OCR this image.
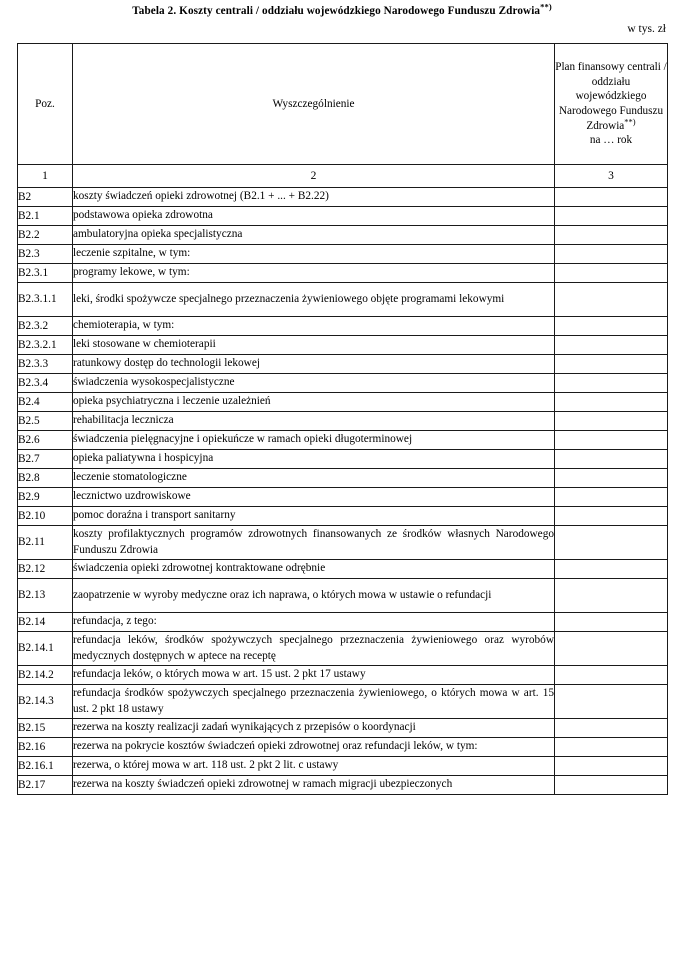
Tabela 2. Koszty centrali / oddziału wojewódzkiego Narodowego Funduszu Zdrowia**)
w tys. zł
Poz.	Wyszczególnienie	Plan finansowy centrali / oddziału wojewódzkiego Narodowego Funduszu Zdrowia**)
na … rok
1	2	3
B2	koszty świadczeń opieki zdrowotnej (B2.1 + ... + B2.22)	
B2.1	podstawowa opieka zdrowotna	
B2.2	ambulatoryjna opieka specjalistyczna	
B2.3	leczenie szpitalne, w tym:	
B2.3.1	programy lekowe, w tym:	
B2.3.1.1	leki, środki spożywcze specjalnego przeznaczenia żywieniowego objęte programami lekowymi	
B2.3.2	chemioterapia, w tym:	
B2.3.2.1	leki stosowane w chemioterapii	
B2.3.3	ratunkowy dostęp do technologii lekowej	
B2.3.4	świadczenia wysokospecjalistyczne	
B2.4	opieka psychiatryczna i leczenie uzależnień	
B2.5	rehabilitacja lecznicza	
B2.6	świadczenia pielęgnacyjne i opiekuńcze w ramach opieki długoterminowej	
B2.7	opieka paliatywna i hospicyjna	
B2.8	leczenie stomatologiczne	
B2.9	lecznictwo uzdrowiskowe	
B2.10	pomoc doraźna i transport sanitarny	
B2.11	koszty profilaktycznych programów zdrowotnych finansowanych ze środków własnych Narodowego Funduszu Zdrowia	
B2.12	świadczenia opieki zdrowotnej kontraktowane odrębnie	
B2.13	zaopatrzenie w wyroby medyczne oraz ich naprawa, o których mowa w ustawie o refundacji	
B2.14	refundacja, z tego:	
B2.14.1	refundacja leków, środków spożywczych specjalnego przeznaczenia żywieniowego oraz wyrobów medycznych dostępnych w aptece na receptę	
B2.14.2	refundacja leków, o których mowa w art. 15 ust. 2 pkt 17 ustawy	
B2.14.3	refundacja środków spożywczych specjalnego przeznaczenia żywieniowego, o których mowa w art. 15 ust. 2 pkt 18 ustawy	
B2.15	rezerwa na koszty realizacji zadań wynikających z przepisów o koordynacji	
B2.16	rezerwa na pokrycie kosztów świadczeń opieki zdrowotnej oraz refundacji leków, w tym:	
B2.16.1	rezerwa, o której mowa w art. 118 ust. 2 pkt 2 lit. c ustawy	
B2.17	rezerwa na koszty świadczeń opieki zdrowotnej w ramach migracji ubezpieczonych	
